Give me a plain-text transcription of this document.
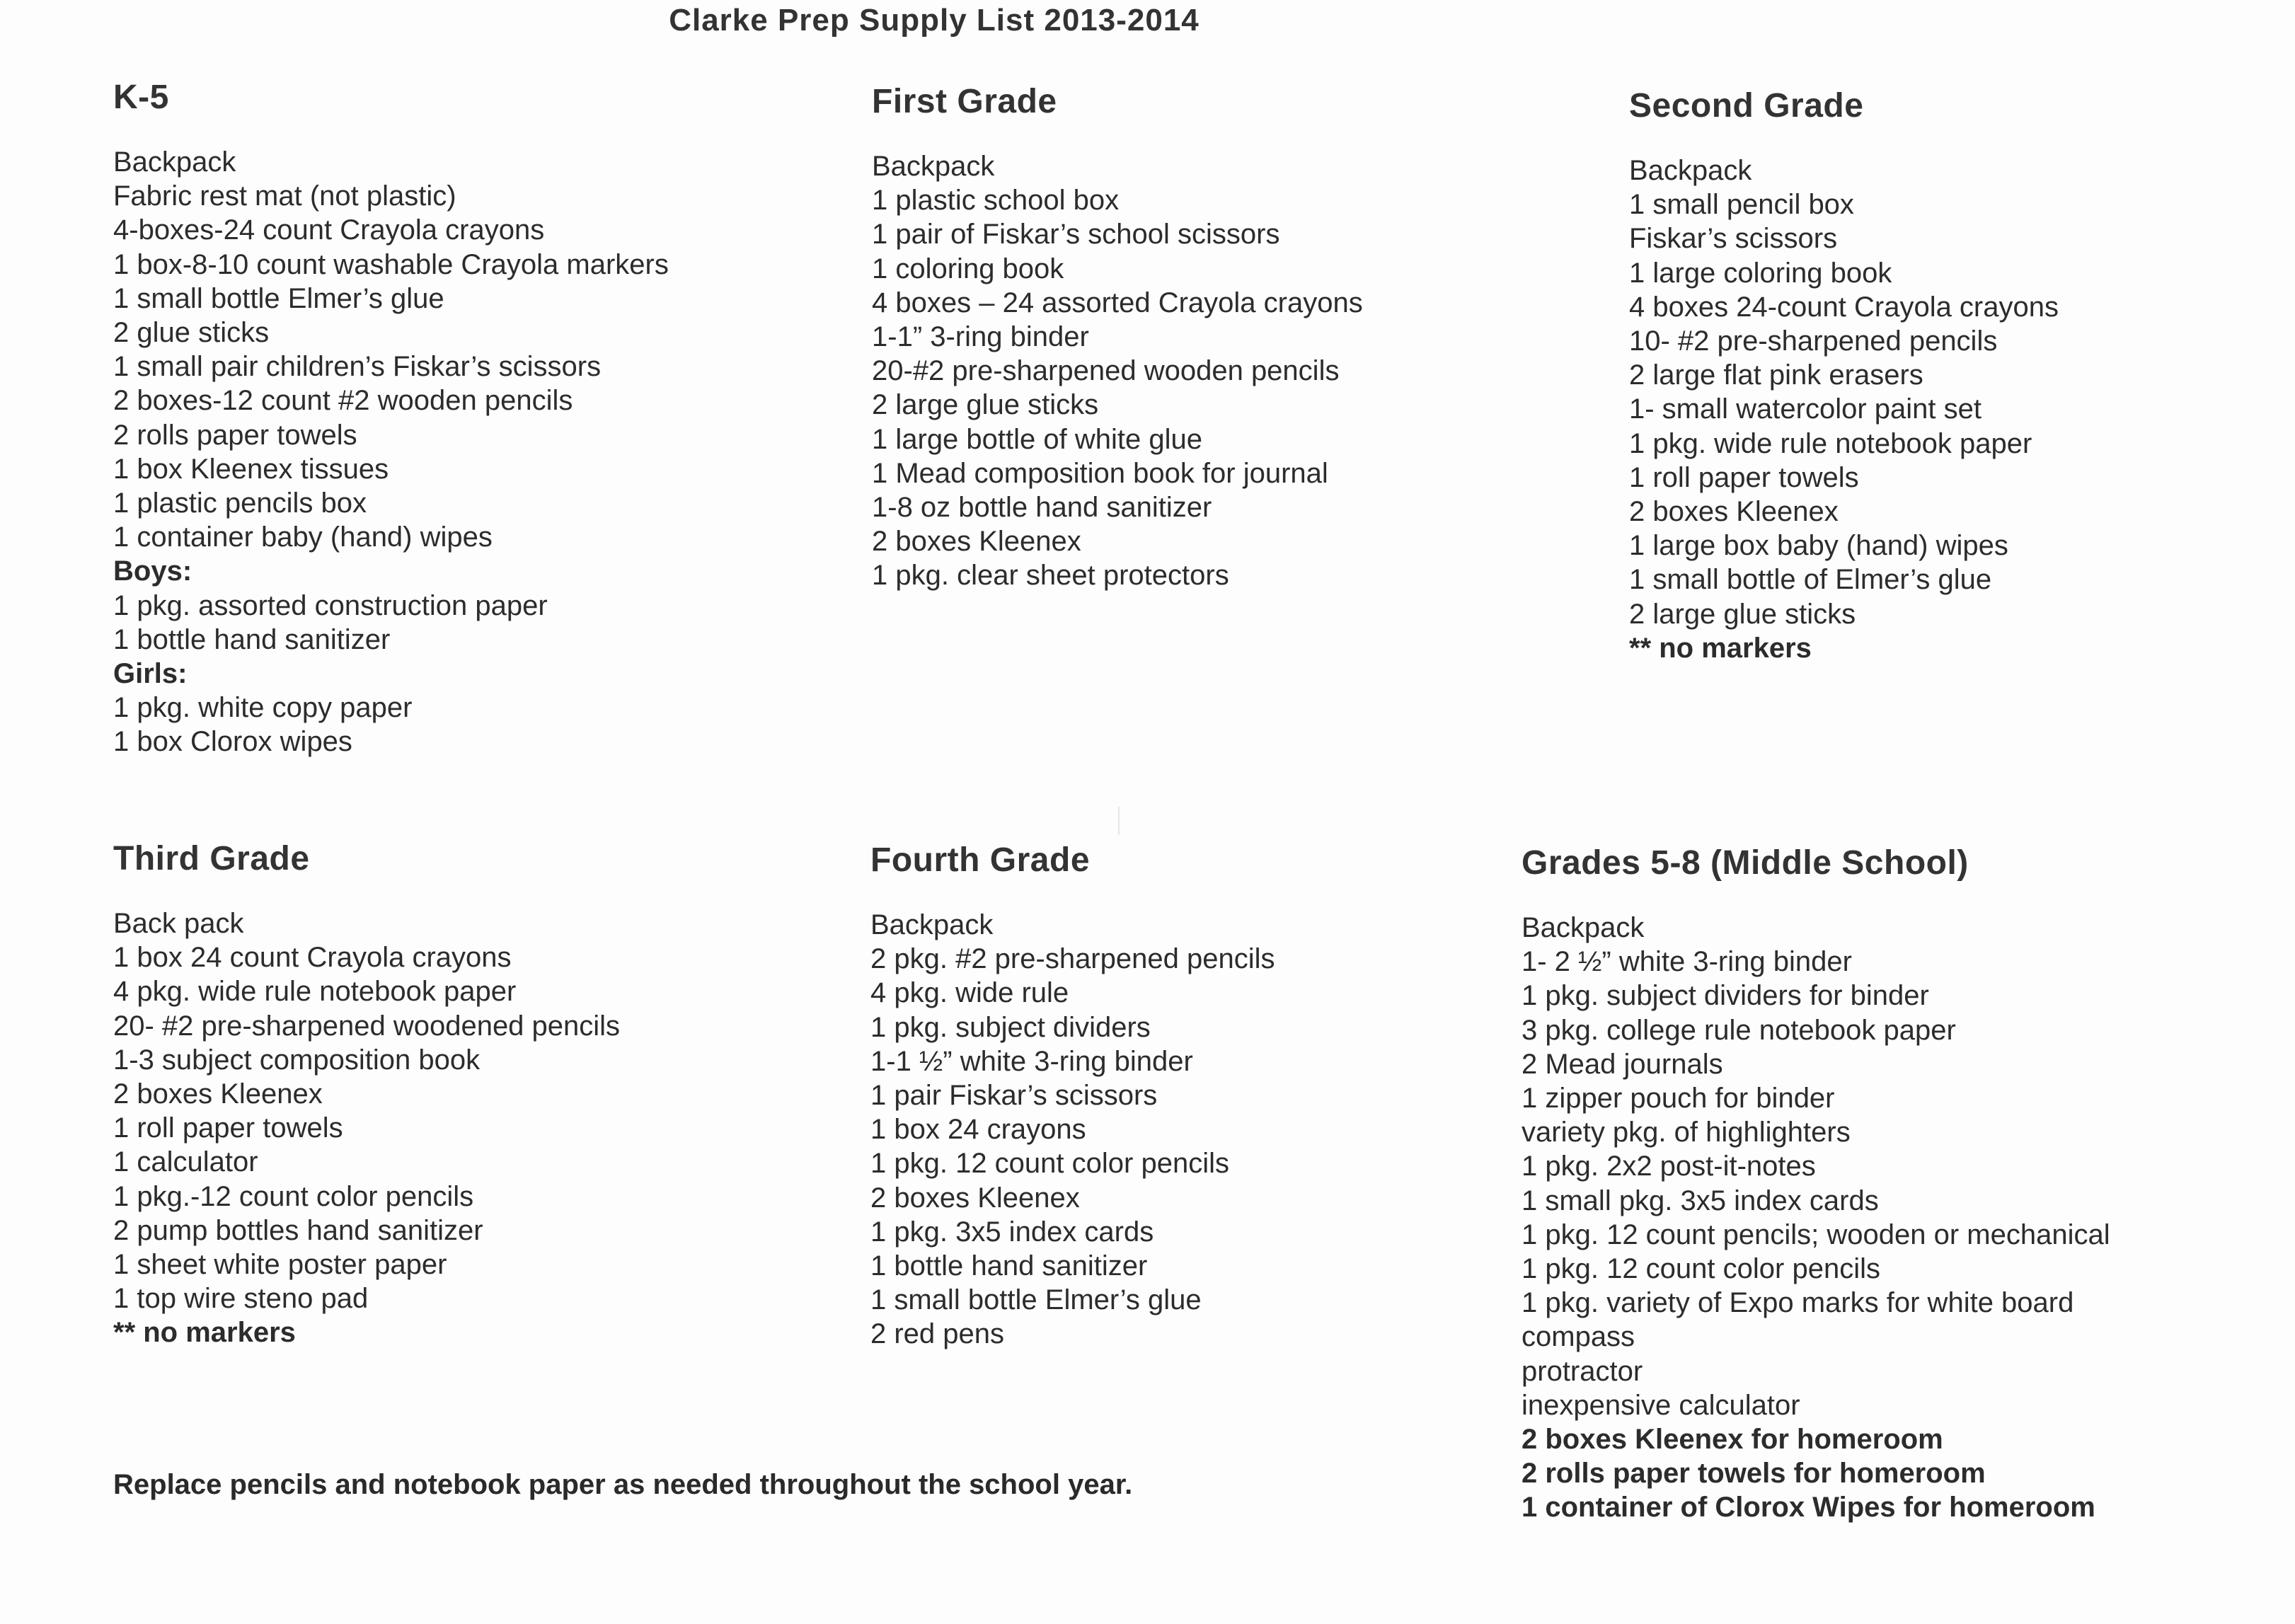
Clarke Prep Supply List 2013-2014
K-5
Backpack
Fabric rest mat (not plastic)
4-boxes-24 count Crayola crayons
1 box-8-10 count washable Crayola markers
1 small bottle Elmer’s glue
2 glue sticks
1 small pair children’s Fiskar’s scissors
2 boxes-12 count #2 wooden pencils
2 rolls paper towels
1 box Kleenex tissues
1 plastic pencils box
1 container baby (hand) wipes
Boys:
1 pkg. assorted construction paper
1 bottle hand sanitizer
Girls:
1 pkg. white copy paper
1 box Clorox wipes
First Grade
Backpack
1 plastic school box
1 pair of Fiskar’s school scissors
1 coloring book
4 boxes – 24 assorted Crayola crayons
1-1” 3-ring binder
20-#2 pre-sharpened wooden pencils
2 large glue sticks
1 large bottle of white glue
1 Mead composition book for journal
1-8 oz bottle hand sanitizer
2 boxes Kleenex
1 pkg. clear sheet protectors
Second Grade
Backpack
1 small pencil box
Fiskar’s scissors
1 large coloring book
4 boxes 24-count Crayola crayons
10- #2 pre-sharpened pencils
2 large flat pink erasers
1- small watercolor paint set
1 pkg. wide rule notebook paper
1 roll paper towels
2 boxes Kleenex
1 large box baby (hand) wipes
1 small bottle of Elmer’s glue
2 large glue sticks
** no markers
Third Grade
Back pack
1 box 24 count Crayola crayons
4 pkg. wide rule notebook paper
20- #2 pre-sharpened woodened pencils
1-3 subject composition book
2 boxes Kleenex
1 roll paper towels
1 calculator
1 pkg.-12 count color pencils
2 pump bottles hand sanitizer
1 sheet white poster paper
1 top wire steno pad
** no markers
Fourth Grade
Backpack
2 pkg. #2 pre-sharpened pencils
4 pkg. wide rule
1 pkg. subject dividers
1-1 ½” white 3-ring binder
1 pair Fiskar’s scissors
1 box 24 crayons
1 pkg. 12 count color pencils
2 boxes Kleenex
1 pkg. 3x5 index cards
1 bottle hand sanitizer
1 small bottle Elmer’s glue
2 red pens
Grades 5-8 (Middle School)
Backpack
1- 2 ½” white 3-ring binder
1 pkg. subject dividers for binder
3 pkg. college rule notebook paper
2 Mead journals
1 zipper pouch for binder
variety pkg. of highlighters
1 pkg. 2x2 post-it-notes
1 small pkg. 3x5 index cards
1 pkg. 12 count pencils; wooden or mechanical
1 pkg. 12 count color pencils
1 pkg. variety of Expo marks for white board
compass
protractor
inexpensive calculator
2 boxes Kleenex for homeroom
2 rolls paper towels for homeroom
1 container of Clorox Wipes for homeroom
Replace pencils and notebook paper as needed throughout the school year.
